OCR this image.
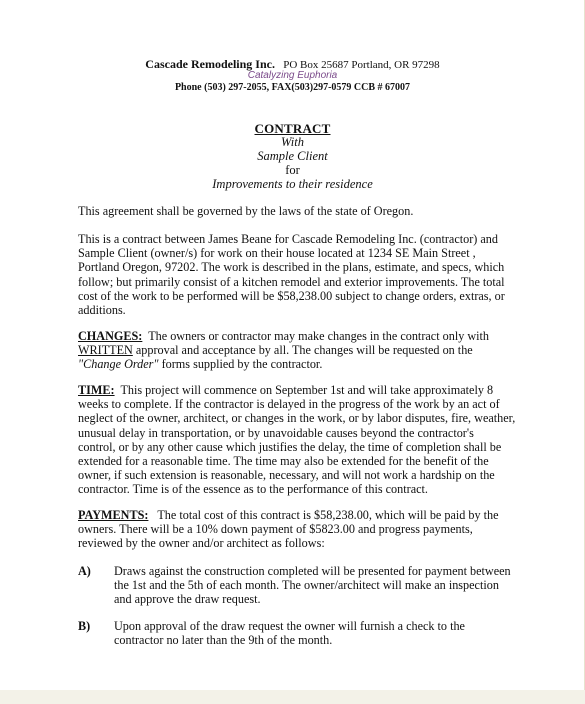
Cascade Remodeling Inc. PO Box 25687 Portland, OR 97298
Catalyzing Euphoria
Phone (503) 297-2055, FAX(503)297-0579 CCB # 67007
CONTRACT
With
Sample Client
for
Improvements to their residence
This agreement shall be governed by the laws of the state of Oregon.
This is a contract between James Beane for Cascade Remodeling Inc. (contractor) and
Sample Client (owner/s) for work on their house located at 1234 SE Main Street ,
Portland Oregon, 97202. The work is described in the plans, estimate, and specs, which
follow; but primarily consist of a kitchen remodel and exterior improvements. The total
cost of the work to be performed will be $58,238.00 subject to change orders, extras, or
additions.
CHANGES: The owners or contractor may make changes in the contract only with
WRITTEN approval and acceptance by all. The changes will be requested on the
"Change Order" forms supplied by the contractor.
TIME: This project will commence on September 1st and will take approximately 8
weeks to complete. If the contractor is delayed in the progress of the work by an act of
neglect of the owner, architect, or changes in the work, or by labor disputes, fire, weather,
unusual delay in transportation, or by unavoidable causes beyond the contractor's
control, or by any other cause which justifies the delay, the time of completion shall be
extended for a reasonable time. The time may also be extended for the benefit of the
owner, if such extension is reasonable, necessary, and will not work a hardship on the
contractor. Time is of the essence as to the performance of this contract.
PAYMENTS: The total cost of this contract is $58,238.00, which will be paid by the
owners. There will be a 10% down payment of $5823.00 and progress payments,
reviewed by the owner and/or architect as follows:
A) Draws against the construction completed will be presented for payment between
the 1st and the 5th of each month. The owner/architect will make an inspection
and approve the draw request.
B) Upon approval of the draw request the owner will furnish a check to the
contractor no later than the 9th of the month.
